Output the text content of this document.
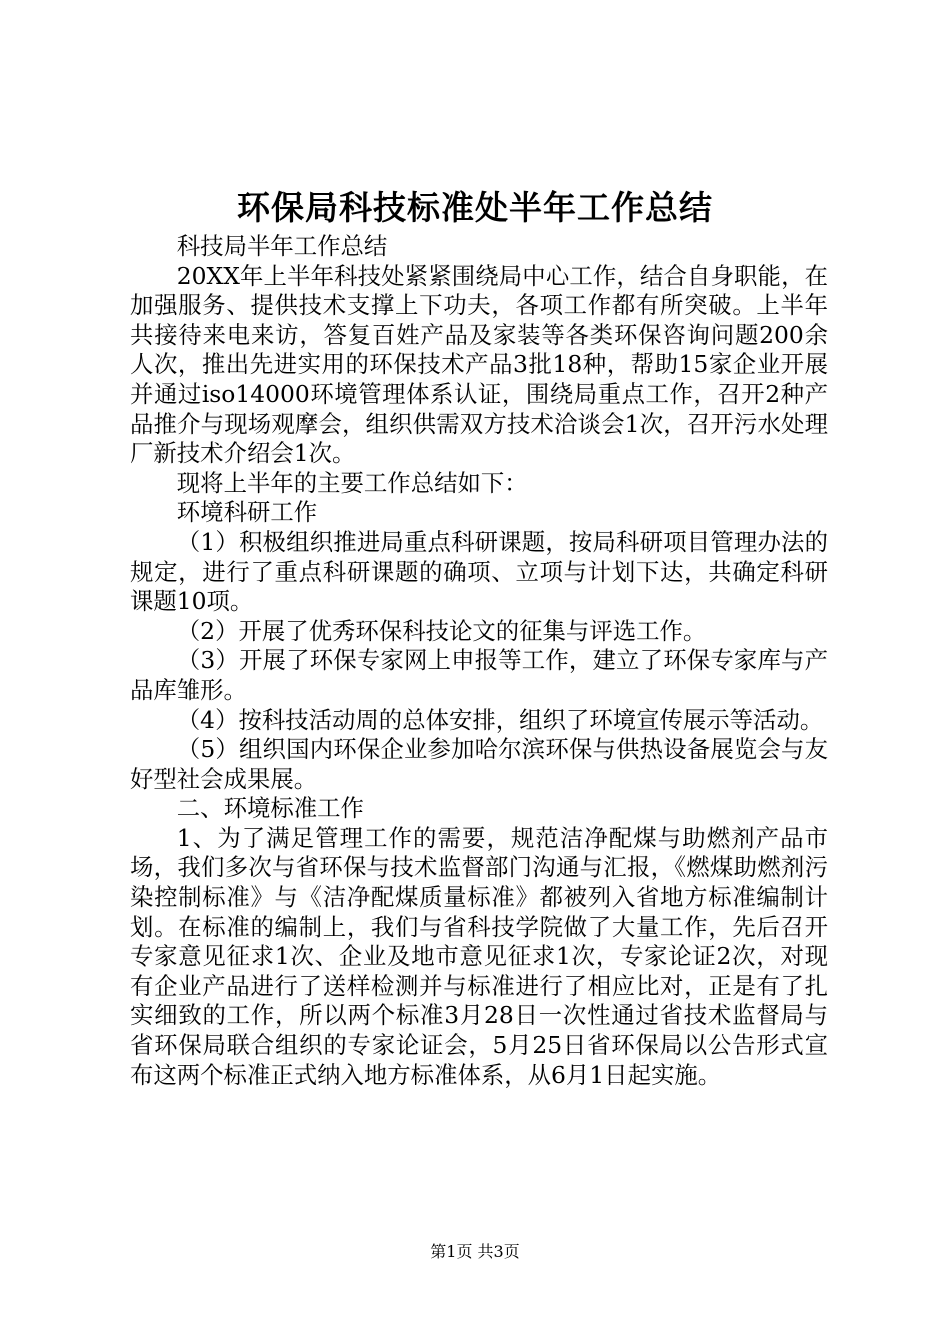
环保局科技标准处半年工作总结

科技局半年工作总结

20XX年上半年科技处紧紧围绕局中心工作，结合自身职能，在加强服务、提供技术支撑上下功夫，各项工作都有所突破。上半年共接待来电来访，答复百姓产品及家装等各类环保咨询问题200余人次，推出先进实用的环保技术产品3批18种，帮助15家企业开展并通过iso14000环境管理体系认证，围绕局重点工作，召开2种产品推介与现场观摩会，组织供需双方技术洽谈会1次，召开污水处理厂新技术介绍会1次。

现将上半年的主要工作总结如下：

环境科研工作

（1）积极组织推进局重点科研课题，按局科研项目管理办法的规定，进行了重点科研课题的确项、立项与计划下达，共确定科研课题10项。

（2）开展了优秀环保科技论文的征集与评选工作。

（3）开展了环保专家网上申报等工作，建立了环保专家库与产品库雏形。

（4）按科技活动周的总体安排，组织了环境宣传展示等活动。

（5）组织国内环保企业参加哈尔滨环保与供热设备展览会与友好型社会成果展。

二、环境标准工作

1、为了满足管理工作的需要，规范洁净配煤与助燃剂产品市场，我们多次与省环保与技术监督部门沟通与汇报，《燃煤助燃剂污染控制标准》与《洁净配煤质量标准》都被列入省地方标准编制计划。在标准的编制上，我们与省科技学院做了大量工作，先后召开专家意见征求1次、企业及地市意见征求1次，专家论证2次，对现有企业产品进行了送样检测并与标准进行了相应比对，正是有了扎实细致的工作，所以两个标准3月28日一次性通过省技术监督局与省环保局联合组织的专家论证会，5月25日省环保局以公告形式宣布这两个标准正式纳入地方标准体系，从6月1日起实施。

第1页 共3页
